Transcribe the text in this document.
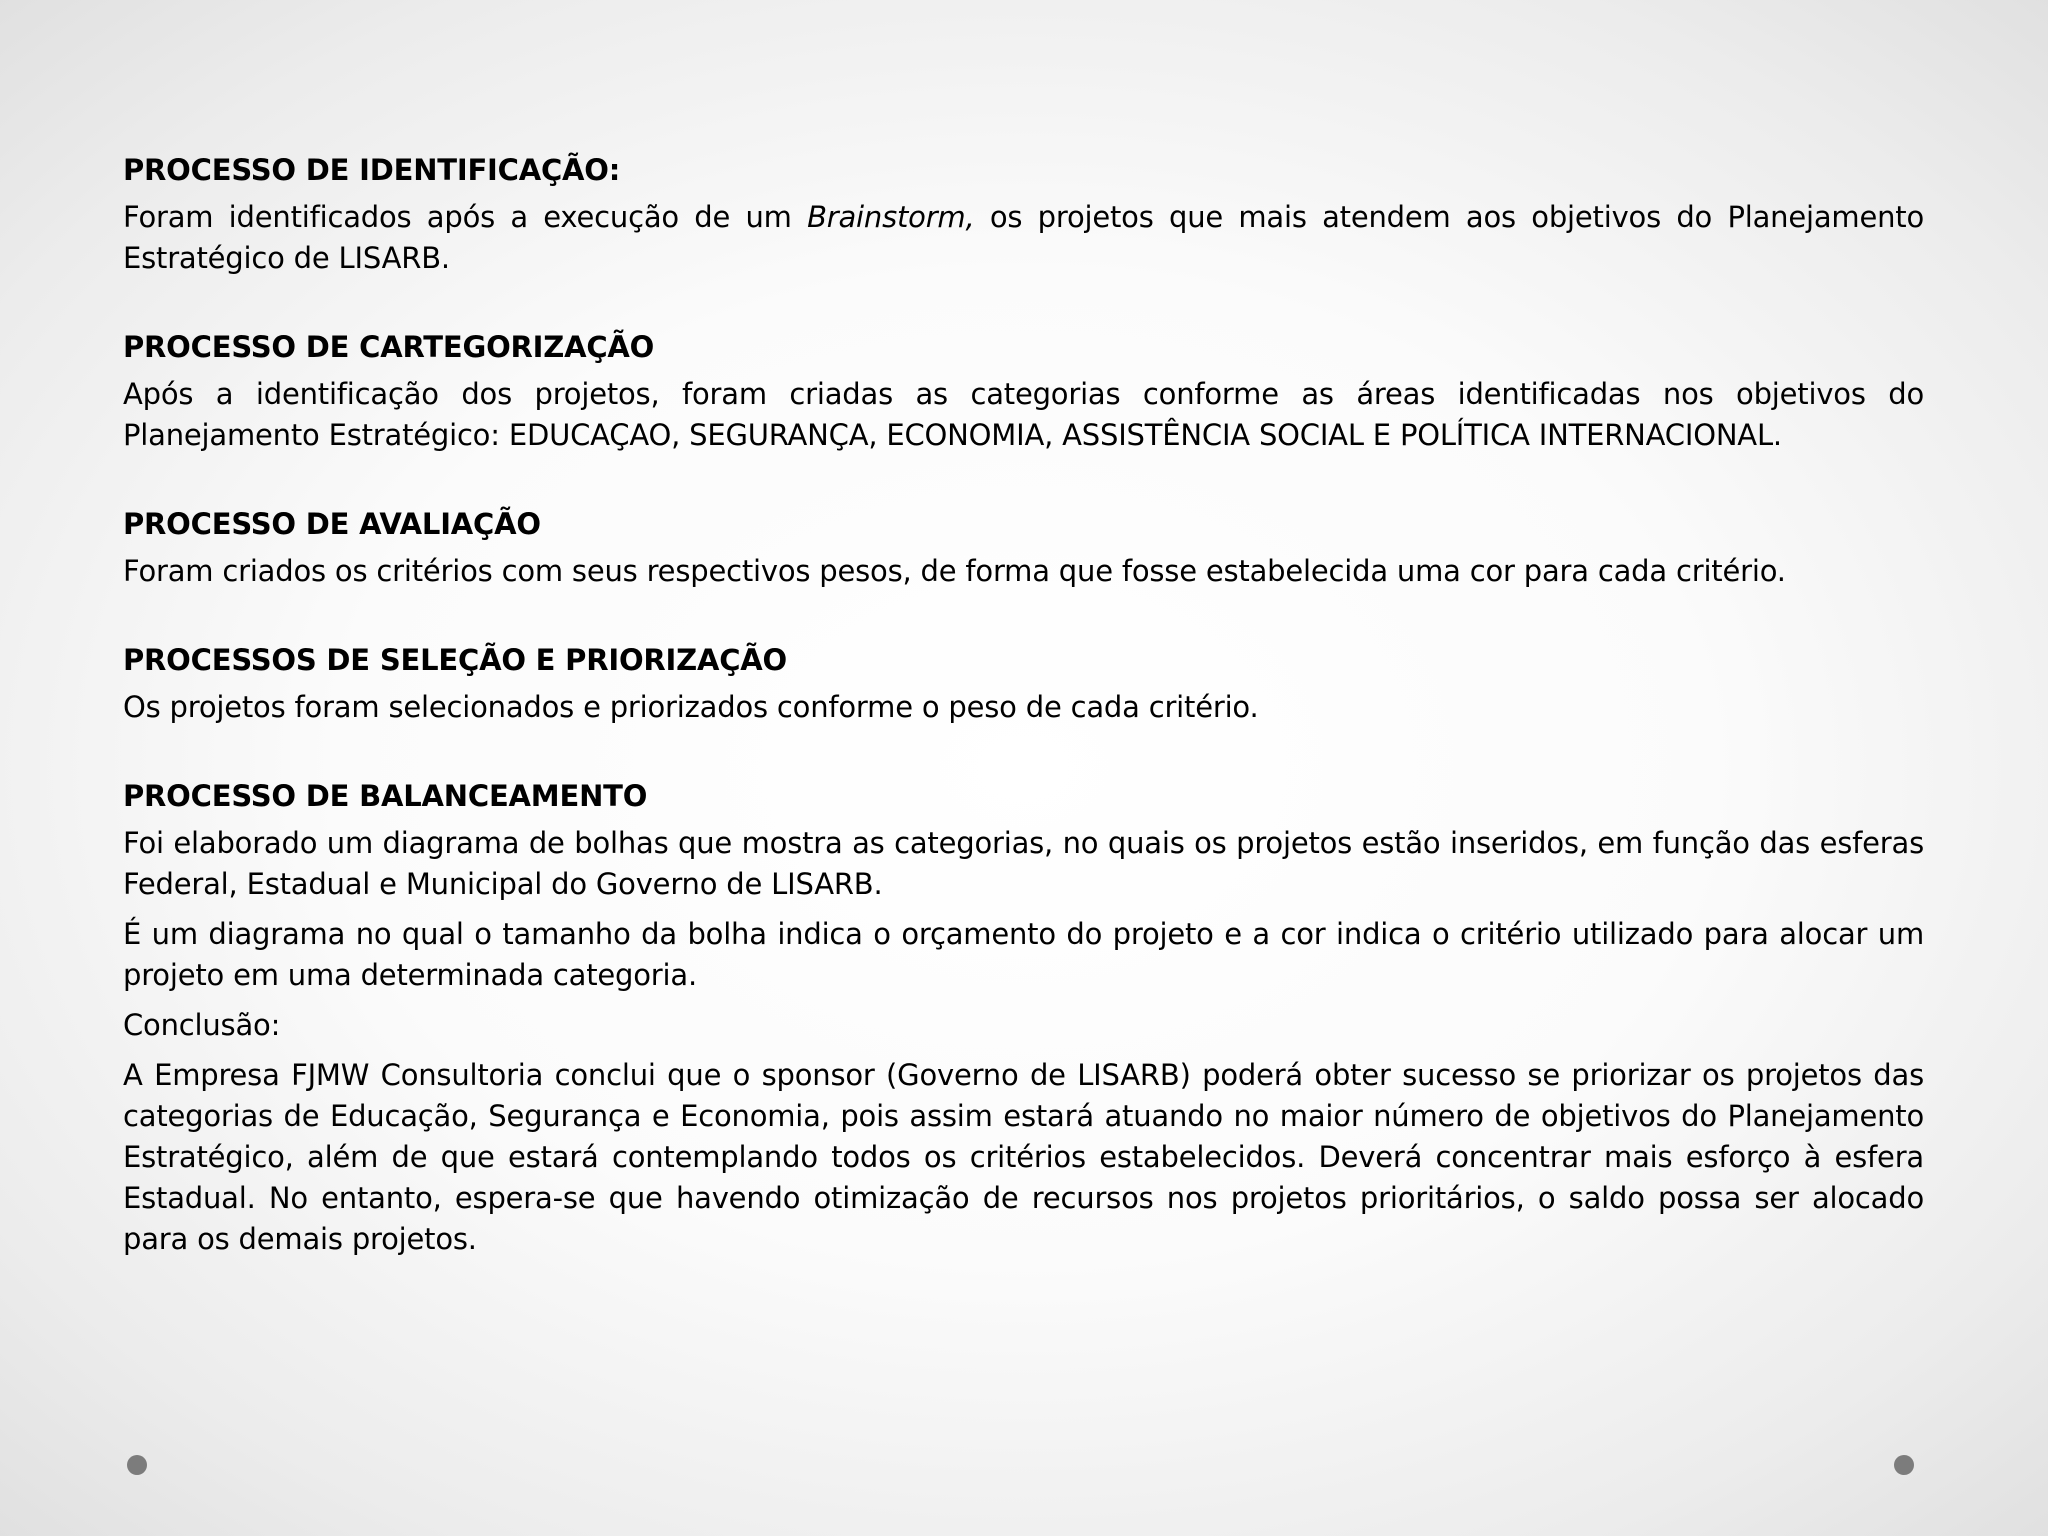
PROCESSO DE IDENTIFICAÇÃO:

Foram identificados após a execução de um Brainstorm, os projetos que mais atendem aos objetivos do Planejamento Estratégico de LISARB.

PROCESSO DE CARTEGORIZAÇÃO

Após a identificação dos projetos, foram criadas as categorias conforme as áreas identificadas nos objetivos do Planejamento Estratégico: EDUCAÇAO, SEGURANÇA, ECONOMIA, ASSISTÊNCIA SOCIAL E POLÍTICA INTERNACIONAL.

PROCESSO DE AVALIAÇÃO

Foram criados os critérios com seus respectivos pesos, de forma que fosse estabelecida uma cor para cada critério.

PROCESSOS DE SELEÇÃO E PRIORIZAÇÃO

Os projetos foram selecionados e priorizados conforme o peso de cada critério.

PROCESSO DE BALANCEAMENTO

Foi elaborado um diagrama de bolhas que mostra as categorias, no quais os projetos estão inseridos, em função das esferas Federal, Estadual e Municipal do Governo de LISARB.

É um diagrama no qual o tamanho da bolha indica o orçamento do projeto e a cor indica o critério utilizado para alocar um projeto em uma determinada categoria.

Conclusão:

A Empresa FJMW Consultoria conclui que o sponsor (Governo de LISARB) poderá obter sucesso se priorizar os projetos das categorias de Educação, Segurança e Economia, pois assim estará atuando no maior número de objetivos do Planejamento Estratégico, além de que estará contemplando todos os critérios estabelecidos. Deverá concentrar mais esforço à esfera Estadual. No entanto, espera-se que havendo otimização de recursos nos projetos prioritários, o saldo possa ser alocado para os demais projetos.
